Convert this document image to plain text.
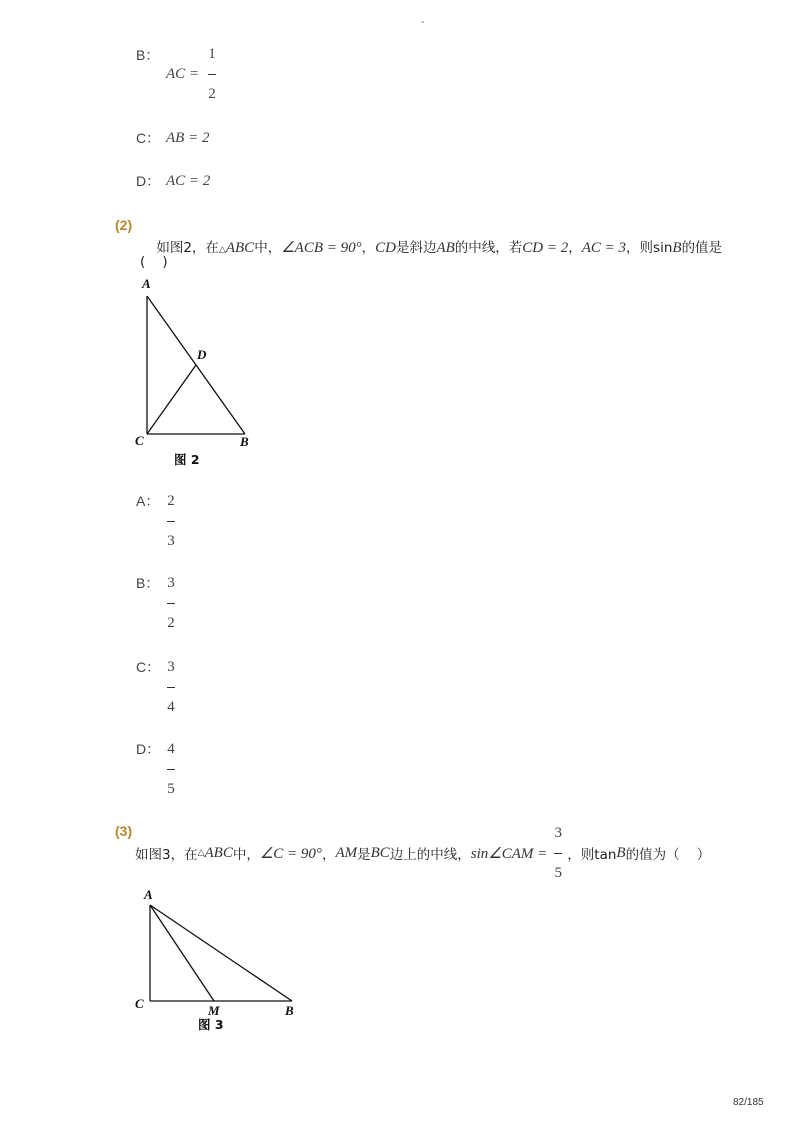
-
B：
AC =
1
2
C： AB = 2
D： AC = 2
(2)

如图2，在△ABC中，∠ACB = 90°，CD是斜边AB的中线，若CD = 2，AC = 3，则sinB的值是

(    )
A
D
C	B
图 2
A： 2
3
B： 3
2
C： 3
4
D： 4
5
(3)
如图3，在 △ ABC 中， ∠C = 90° ， AM 是 BC 边上的中线， sin∠CAM =
3
5
，则tan B 的值为（    ）
A
C	M	B
图 3
82/185
